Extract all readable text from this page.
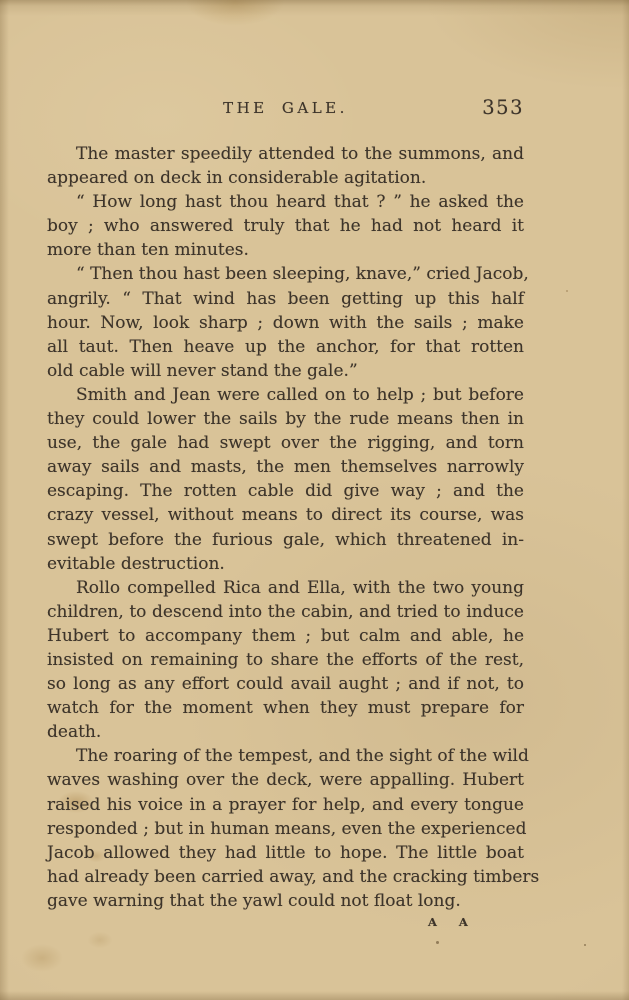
THE GALE.	353
The master speedily attended to the summons, and
appeared on deck in considerable agitation.
“ How long hast thou heard that ? ” he asked the
boy ; who answered truly that he had not heard it
more than ten minutes.
“ Then thou hast been sleeping, knave,” cried Jacob,
angrily. “ That wind has been getting up this half
hour. Now, look sharp ; down with the sails ; make
all taut. Then heave up the anchor, for that rotten
old cable will never stand the gale.”
Smith and Jean were called on to help ; but before
they could lower the sails by the rude means then in
use, the gale had swept over the rigging, and torn
away sails and masts, the men themselves narrowly
escaping. The rotten cable did give way ; and the
crazy vessel, without means to direct its course, was
swept before the furious gale, which threatened in-
evitable destruction.
Rollo compelled Rica and Ella, with the two young
children, to descend into the cabin, and tried to induce
Hubert to accompany them ; but calm and able, he
insisted on remaining to share the efforts of the rest,
so long as any effort could avail aught ; and if not, to
watch for the moment when they must prepare for
death.
The roaring of the tempest, and the sight of the wild
waves washing over the deck, were appalling. Hubert
raised his voice in a prayer for help, and every tongue
responded ; but in human means, even the experienced
Jacob allowed they had little to hope. The little boat
had already been carried away, and the cracking timbers
gave warning that the yawl could not float long.
A A
